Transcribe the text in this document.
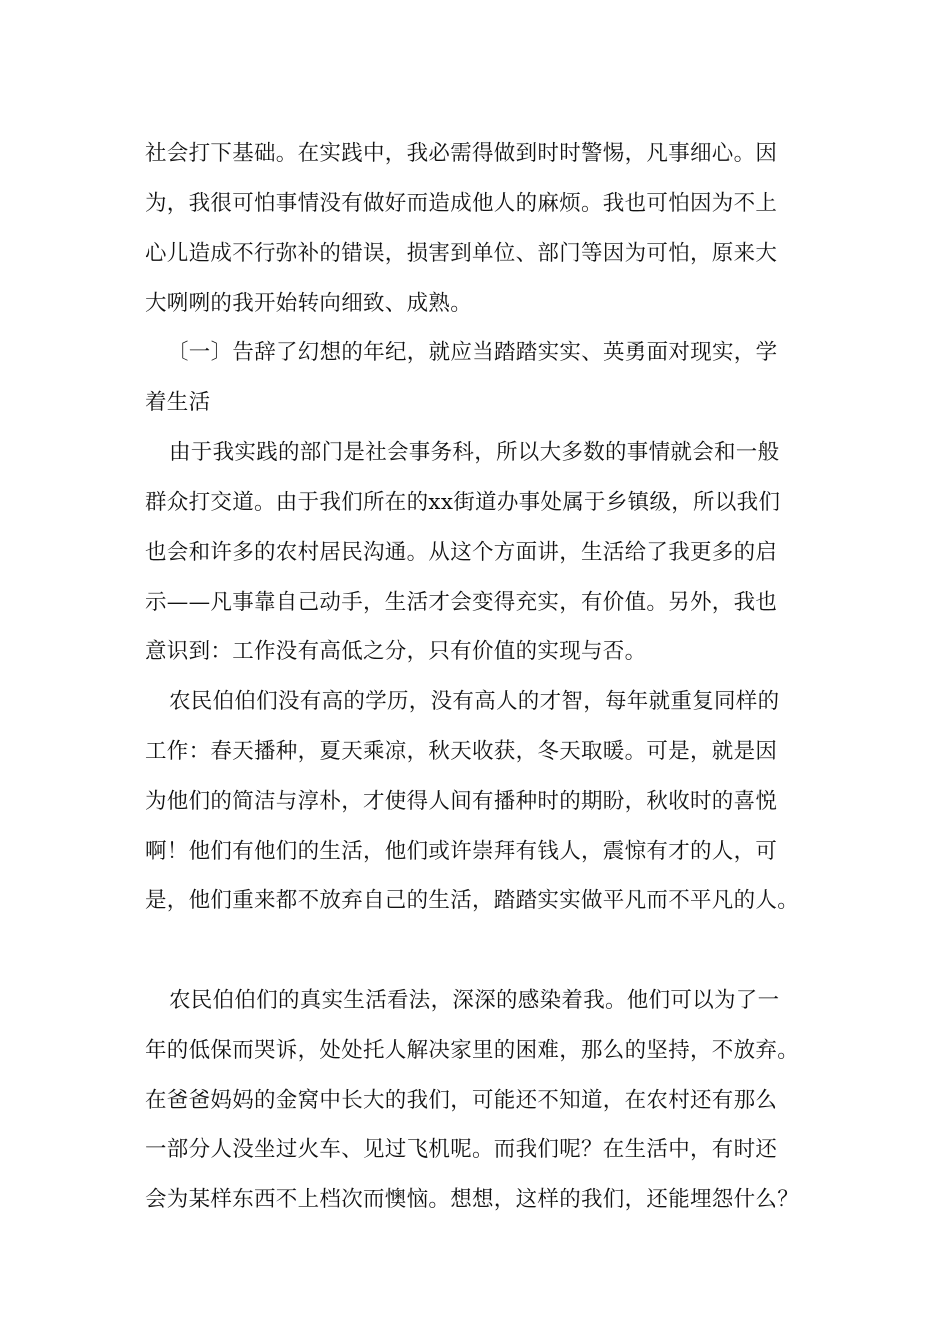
社会打下基础。在实践中，我必需得做到时时警惕，凡事细心。因
为，我很可怕事情没有做好而造成他人的麻烦。我也可怕因为不上
心儿造成不行弥补的错误，损害到单位、部门等因为可怕，原来大
大咧咧的我开始转向细致、成熟。
〔一〕告辞了幻想的年纪，就应当踏踏实实、英勇面对现实，学
着生活
由于我实践的部门是社会事务科，所以大多数的事情就会和一般
群众打交道。由于我们所在的xx街道办事处属于乡镇级，所以我们
也会和许多的农村居民沟通。从这个方面讲，生活给了我更多的启
示——凡事靠自己动手，生活才会变得充实，有价值。另外，我也
意识到：工作没有高低之分，只有价值的实现与否。
农民伯伯们没有高的学历，没有高人的才智，每年就重复同样的
工作：春天播种，夏天乘凉，秋天收获，冬天取暖。可是，就是因
为他们的简洁与淳朴，才使得人间有播种时的期盼，秋收时的喜悦
啊！他们有他们的生活，他们或许崇拜有钱人，震惊有才的人，可
是，他们重来都不放弃自己的生活，踏踏实实做平凡而不平凡的人。
农民伯伯们的真实生活看法，深深的感染着我。他们可以为了一
年的低保而哭诉，处处托人解决家里的困难，那么的坚持，不放弃。
在爸爸妈妈的金窝中长大的我们，可能还不知道，在农村还有那么
一部分人没坐过火车、见过飞机呢。而我们呢？在生活中，有时还
会为某样东西不上档次而懊恼。想想，这样的我们，还能埋怨什么？
